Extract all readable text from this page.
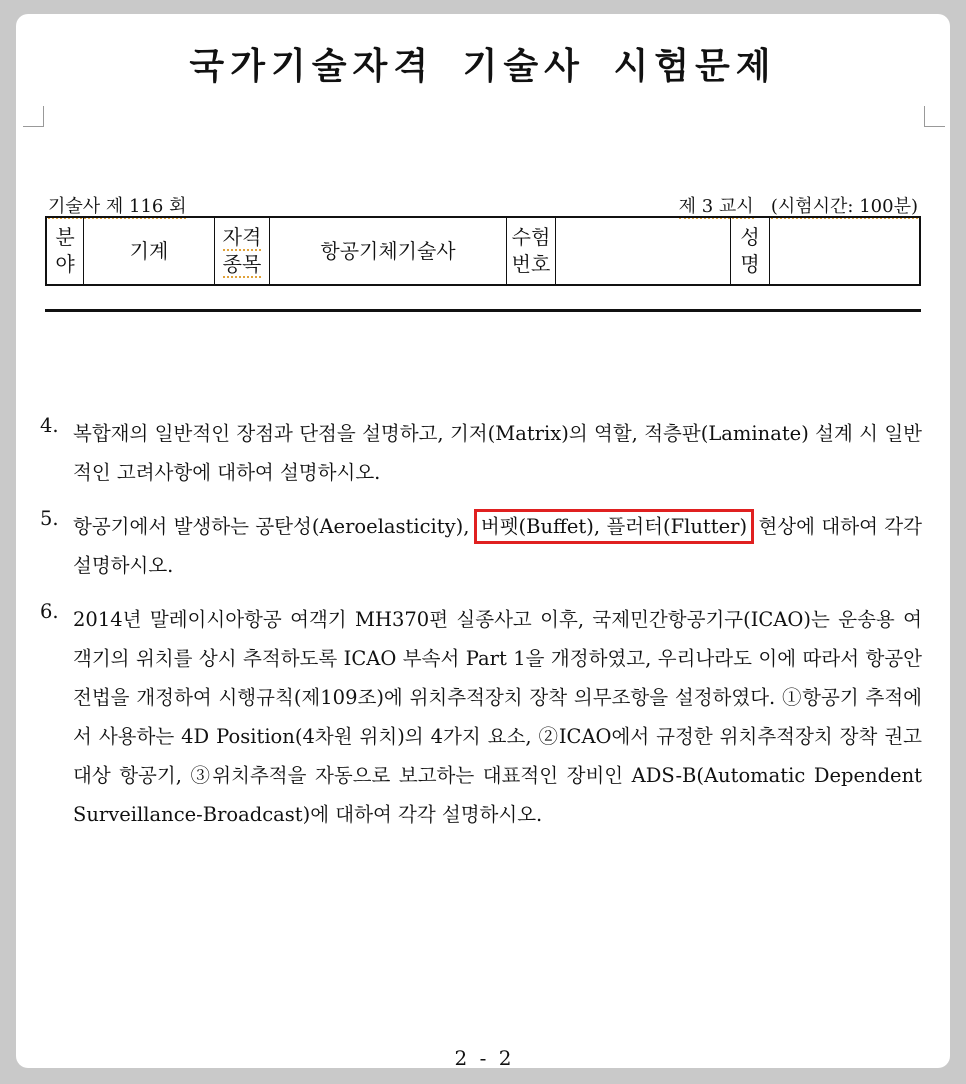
국가기술자격 기술사 시험문제
기술사 제 116 회	제 3 교시 (시험시간: 100분)
분야	기계	자격종목	항공기체기술사	수험번호		성명	
4. 복합재의 일반적인 장점과 단점을 설명하고, 기저(Matrix)의 역할, 적층판(Laminate) 설계 시 일반적인 고려사항에 대하여 설명하시오.
5. 항공기에서 발생하는 공탄성(Aeroelasticity), 버펫(Buffet), 플러터(Flutter) 현상에 대하여 각각 설명하시오.
6. 2014년 말레이시아항공 여객기 MH370편 실종사고 이후, 국제민간항공기구(ICAO)는 운송용 여객기의 위치를 상시 추적하도록 ICAO 부속서 Part 1을 개정하였고, 우리나라도 이에 따라서 항공안전법을 개정하여 시행규칙(제109조)에 위치추적장치 장착 의무조항을 설정하였다. ①항공기 추적에서 사용하는 4D Position(4차원 위치)의 4가지 요소, ②ICAO에서 규정한 위치추적장치 장착 권고 대상 항공기, ③위치추적을 자동으로 보고하는 대표적인 장비인 ADS-B(Automatic Dependent Surveillance-Broadcast)에 대하여 각각 설명하시오.
2 - 2
